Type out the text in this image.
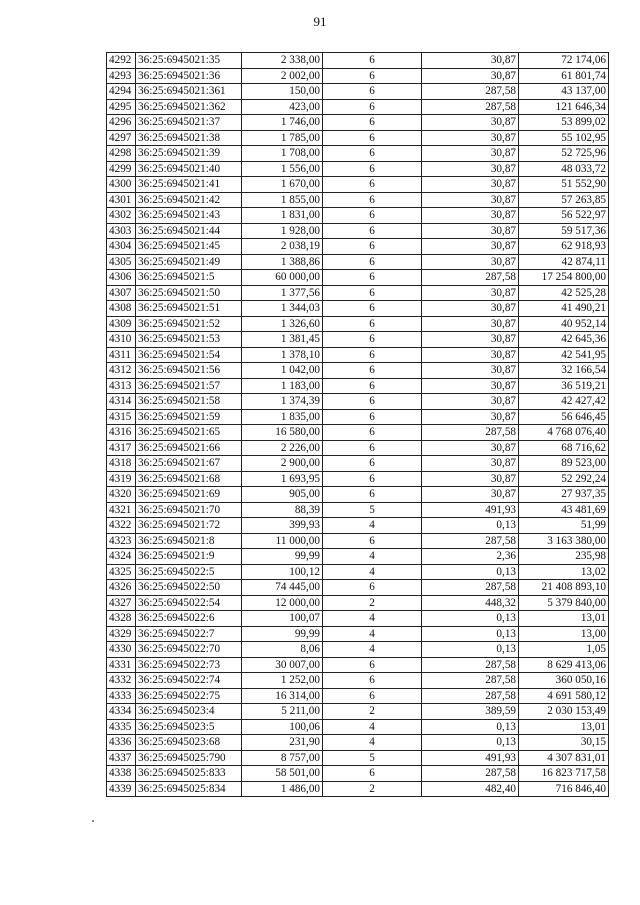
91
4292	36:25:6945021:35	2 338,00	6	30,87	72 174,06
4293	36:25:6945021:36	2 002,00	6	30,87	61 801,74
4294	36:25:6945021:361	150,00	6	287,58	43 137,00
4295	36:25:6945021:362	423,00	6	287,58	121 646,34
4296	36:25:6945021:37	1 746,00	6	30,87	53 899,02
4297	36:25:6945021:38	1 785,00	6	30,87	55 102,95
4298	36:25:6945021:39	1 708,00	6	30,87	52 725,96
4299	36:25:6945021:40	1 556,00	6	30,87	48 033,72
4300	36:25:6945021:41	1 670,00	6	30,87	51 552,90
4301	36:25:6945021:42	1 855,00	6	30,87	57 263,85
4302	36:25:6945021:43	1 831,00	6	30,87	56 522,97
4303	36:25:6945021:44	1 928,00	6	30,87	59 517,36
4304	36:25:6945021:45	2 038,19	6	30,87	62 918,93
4305	36:25:6945021:49	1 388,86	6	30,87	42 874,11
4306	36:25:6945021:5	60 000,00	6	287,58	17 254 800,00
4307	36:25:6945021:50	1 377,56	6	30,87	42 525,28
4308	36:25:6945021:51	1 344,03	6	30,87	41 490,21
4309	36:25:6945021:52	1 326,60	6	30,87	40 952,14
4310	36:25:6945021:53	1 381,45	6	30,87	42 645,36
4311	36:25:6945021:54	1 378,10	6	30,87	42 541,95
4312	36:25:6945021:56	1 042,00	6	30,87	32 166,54
4313	36:25:6945021:57	1 183,00	6	30,87	36 519,21
4314	36:25:6945021:58	1 374,39	6	30,87	42 427,42
4315	36:25:6945021:59	1 835,00	6	30,87	56 646,45
4316	36:25:6945021:65	16 580,00	6	287,58	4 768 076,40
4317	36:25:6945021:66	2 226,00	6	30,87	68 716,62
4318	36:25:6945021:67	2 900,00	6	30,87	89 523,00
4319	36:25:6945021:68	1 693,95	6	30,87	52 292,24
4320	36:25:6945021:69	905,00	6	30,87	27 937,35
4321	36:25:6945021:70	88,39	5	491,93	43 481,69
4322	36:25:6945021:72	399,93	4	0,13	51,99
4323	36:25:6945021:8	11 000,00	6	287,58	3 163 380,00
4324	36:25:6945021:9	99,99	4	2,36	235,98
4325	36:25:6945022:5	100,12	4	0,13	13,02
4326	36:25:6945022:50	74 445,00	6	287,58	21 408 893,10
4327	36:25:6945022:54	12 000,00	2	448,32	5 379 840,00
4328	36:25:6945022:6	100,07	4	0,13	13,01
4329	36:25:6945022:7	99,99	4	0,13	13,00
4330	36:25:6945022:70	8,06	4	0,13	1,05
4331	36:25:6945022:73	30 007,00	6	287,58	8 629 413,06
4332	36:25:6945022:74	1 252,00	6	287,58	360 050,16
4333	36:25:6945022:75	16 314,00	6	287,58	4 691 580,12
4334	36:25:6945023:4	5 211,00	2	389,59	2 030 153,49
4335	36:25:6945023:5	100,06	4	0,13	13,01
4336	36:25:6945023:68	231,90	4	0,13	30,15
4337	36:25:6945025:790	8 757,00	5	491,93	4 307 831,01
4338	36:25:6945025:833	58 501,00	6	287,58	16 823 717,58
4339	36:25:6945025:834	1 486,00	2	482,40	716 846,40
